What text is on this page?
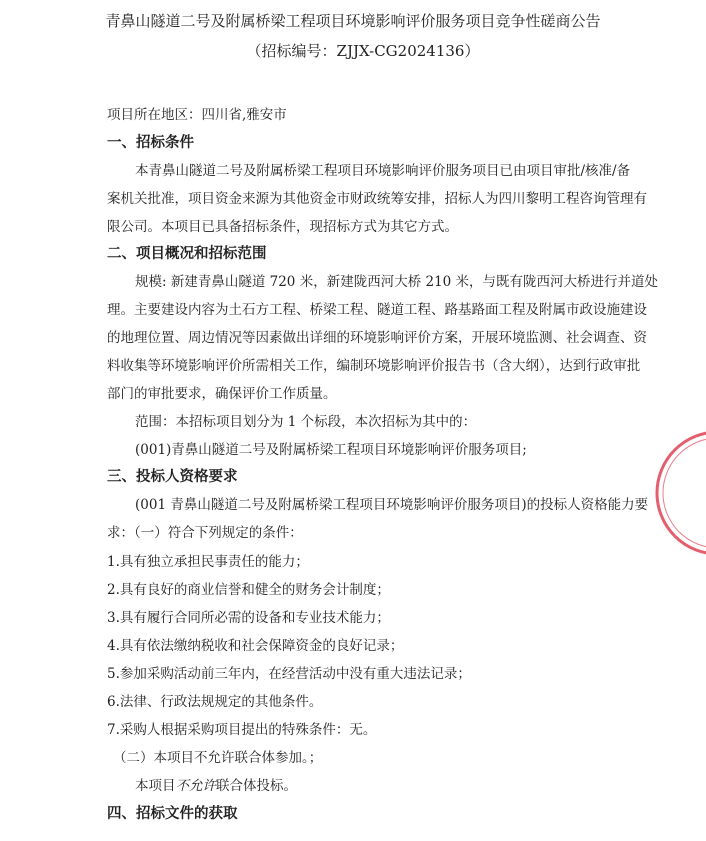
青鼻山隧道二号及附属桥梁工程项目环境影响评价服务项目竞争性磋商公告
（招标编号：ZJJX-CG2024136）
项目所在地区：四川省,雅安市
一、招标条件
本青鼻山隧道二号及附属桥梁工程项目环境影响评价服务项目已由项目审批/核准/备
案机关批准，项目资金来源为其他资金市财政统筹安排，招标人为四川黎明工程咨询管理有
限公司。本项目已具备招标条件，现招标方式为其它方式。
二、项目概况和招标范围
规模: 新建青鼻山隧道 720 米，新建陇西河大桥 210 米，与既有陇西河大桥进行并道处
理。主要建设内容为土石方工程、桥梁工程、隧道工程、路基路面工程及附属市政设施建设
的地理位置、周边情况等因素做出详细的环境影响评价方案，开展环境监测、社会调查、资
料收集等环境影响评价所需相关工作，编制环境影响评价报告书（含大纲），达到行政审批
部门的审批要求，确保评价工作质量。
范围：本招标项目划分为 1 个标段，本次招标为其中的：
(001)青鼻山隧道二号及附属桥梁工程项目环境影响评价服务项目;
三、投标人资格要求
(001 青鼻山隧道二号及附属桥梁工程项目环境影响评价服务项目)的投标人资格能力要
求：（一）符合下列规定的条件：
1.具有独立承担民事责任的能力；
2.具有良好的商业信誉和健全的财务会计制度；
3.具有履行合同所必需的设备和专业技术能力；
4.具有依法缴纳税收和社会保障资金的良好记录；
5.参加采购活动前三年内，在经营活动中没有重大违法记录；
6.法律、行政法规规定的其他条件。
7.采购人根据采购项目提出的特殊条件：无。
（二）本项目不允许联合体参加。；
本项目不允许联合体投标。
四、招标文件的获取
